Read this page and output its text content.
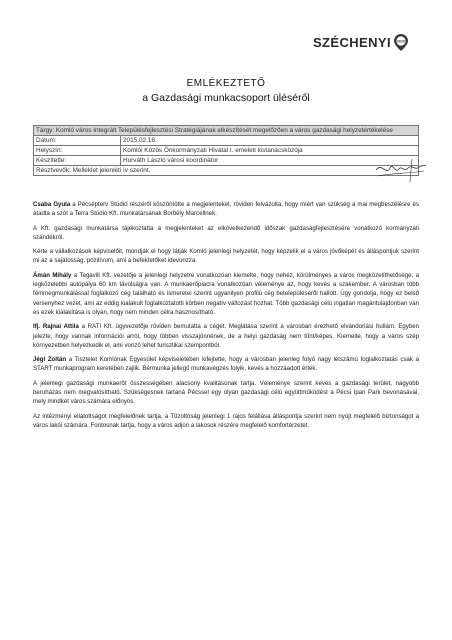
SZÉCHENYI 2020
EMLÉKEZTETŐ
a Gazdasági munkacsoport üléséről
Tárgy: Komló város Integrált Településfejlesztési Stratégiájának elkészítését megelőzően a város gazdasági helyzetértékelése	

Dátum:	2015.02.18.
Helyszín:	Komlói Közös Önkormányzati Hivatal I. emeleti kistanácsközója
Készítette:	Horváth László városi koordinátor
Résztvevők: Melléklet jelenléti ív szerint.	

Csaba Gyula a Pécsépterv Stúdió részéről köszöntötte a megjelenteket, röviden felvázolta, hogy miért van szükség a mai megbeszélésre és átadta a szót a Terra Stúdió Kft. munkatársának Borbély Marcellnek.

A Kft. gazdasági munkatársa tájékoztatta a megjelenteket az elkövetkezendő időszak gazdaságfejlesztésére vonatkozó kormányzati szándékról.

Kérte a vállalkozások képviselőit, mondják el hogy látják Komló jelenlegi helyzetét, hogy képzelik el a város jövőképét és álláspontjuk szerint mi az a sajátosság, pozitívum, ami a befektetőket idevonzza.

Ámán Mihály a Tegavill Kft. vezetője a jelenlegi helyzetre vonatkozóan kiemelte, hogy nehéz, körülményes a város megközelíthetősége, a legközelebbi autópálya 60 km távolságra van. A munkaerőpiacra vonatkozóan véleménye az, hogy kevés a szakember. A városban több fémmegmunkálással foglalkozó cég található és ismeretei szerint ugyanilyen profilú cég betelepüléséről hallott. Úgy gondolja, hogy ez belső versenyhez vezet, ami az eddig kialakult foglalkoztatotti körben negatív változást hozhat. Több gazdasági célú ingatlan magántulajdonban van és ezek kialakítása is olyan, hogy nem minden célra hasznosítható.

Ifj. Rajnai Attila a RATI Kft. ügyvezetője röviden bemutatta a céget. Meglátása szerint a városban érezhető elvándorlási hullám. Egyben jelezte, hogy vannak információi arról, hogy többen visszajönnének, de a helyi gazdaság nem tűnt/képes. Kiemelte, hogy a város szép környezetben helyezkedik el, ami vonzó lehet turisztikai szempontból.

Jégl Zoltán a Tisztelet Komlónak Egyesület képviseletében kifejtette, hogy a városban jelenleg folyó nagy létszámú foglalkoztatás csak a START munkaprogram keretében zajlik. Bérmunka jellegű munkavégzés folyik, kevés a hozzáadott érték.

A jelenlegi gazdasági munkaerőt összességében alacsony kvalitásúnak tartja. Véleménye szerint kevés a gazdasági terület, nagyobb beruházás nem megvalósítható. Szükségesnek tartaná Pécssel egy olyan gazdasági célú együttműködést a Pécsi Ipari Park bevonásával, mely mindkét város számára előnyös.

Az intézményi ellátottságot megfelelőnek tartja, a Tűzoltóság jelenlegi 1 rajos felállása álláspontja szerint nem nyújt megfelelő biztonságot a város lakói számára. Fontosnak tartja, hogy a város adjon a lakosok részére megfelelő komfortérzetet.
